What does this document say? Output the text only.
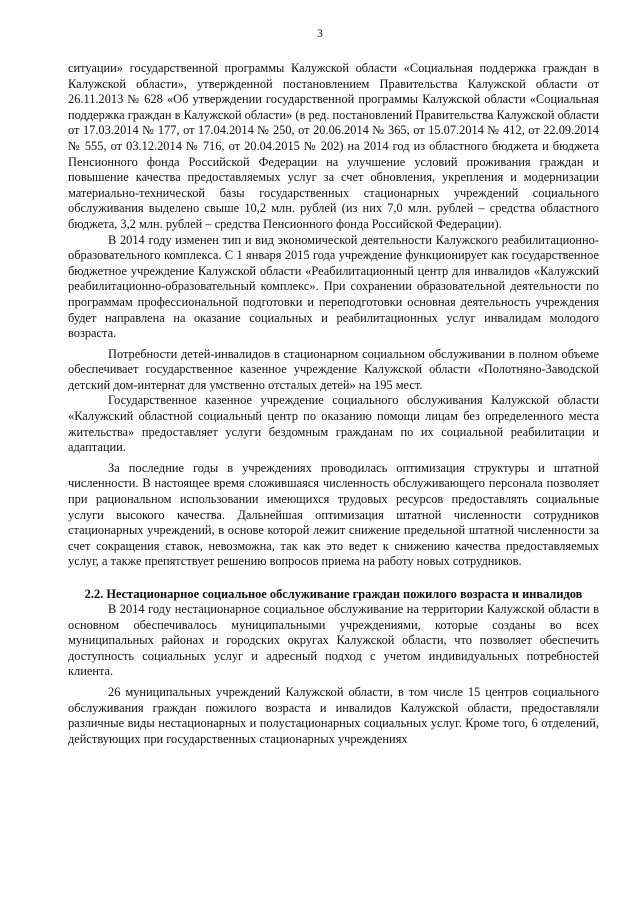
3

ситуации» государственной программы Калужской области «Социальная поддержка граждан в Калужской области», утвержденной постановлением Правительства Калужской области от 26.11.2013 № 628 «Об утверждении государственной программы Калужской области «Социальная поддержка граждан в Калужской области» (в ред. постановлений Правительства Калужской области от 17.03.2014 № 177, от 17.04.2014 № 250, от 20.06.2014 № 365, от 15.07.2014 № 412, от 22.09.2014 № 555, от 03.12.2014 № 716, от 20.04.2015 № 202) на 2014 год из областного бюджета и бюджета Пенсионного фонда Российской Федерации на улучшение условий проживания граждан и повышение качества предоставляемых услуг за счет обновления, укрепления и модернизации материально-технической базы государственных стационарных учреждений социального обслуживания выделено свыше 10,2 млн. рублей (из них 7,0 млн. рублей – средства областного бюджета, 3,2 млн. рублей – средства Пенсионного фонда Российской Федерации).

В 2014 году изменен тип и вид экономической деятельности Калужского реабилитационно-образовательного комплекса. С 1 января 2015 года учреждение функционирует как государственное бюджетное учреждение Калужской области «Реабилитационный центр для инвалидов «Калужский реабилитационно-образовательный комплекс». При сохранении образовательной деятельности по программам профессиональной подготовки и переподготовки основная деятельность учреждения будет направлена на оказание социальных и реабилитационных услуг инвалидам молодого возраста.

Потребности детей-инвалидов в стационарном социальном обслуживании в полном объеме обеспечивает государственное казенное учреждение Калужской области «Полотняно-Заводской детский дом-интернат для умственно отсталых детей» на 195 мест.

Государственное казенное учреждение социального обслуживания Калужской области «Калужский областной социальный центр по оказанию помощи лицам без определенного места жительства» предоставляет услуги бездомным гражданам по их социальной реабилитации и адаптации.

За последние годы в учреждениях проводилась оптимизация структуры и штатной численности. В настоящее время сложившаяся численность обслуживающего персонала позволяет при рациональном использовании имеющихся трудовых ресурсов предоставлять социальные услуги высокого качества. Дальнейшая оптимизация штатной численности сотрудников стационарных учреждений, в основе которой лежит снижение предельной штатной численности за счет сокращения ставок, невозможна, так как это ведет к снижению качества предоставляемых услуг, а также препятствует решению вопросов приема на работу новых сотрудников.

2.2. Нестационарное социальное обслуживание граждан пожилого возраста и инвалидов

В 2014 году нестационарное социальное обслуживание на территории Калужской области в основном обеспечивалось муниципальными учреждениями, которые созданы во всех муниципальных районах и городских округах Калужской области, что позволяет обеспечить доступность социальных услуг и адресный подход с учетом индивидуальных потребностей клиента.

26 муниципальных учреждений Калужской области, в том числе 15 центров социального обслуживания граждан пожилого возраста и инвалидов Калужской области, предоставляли различные виды нестационарных и полустационарных социальных услуг. Кроме того, 6 отделений, действующих при государственных стационарных учреждениях
